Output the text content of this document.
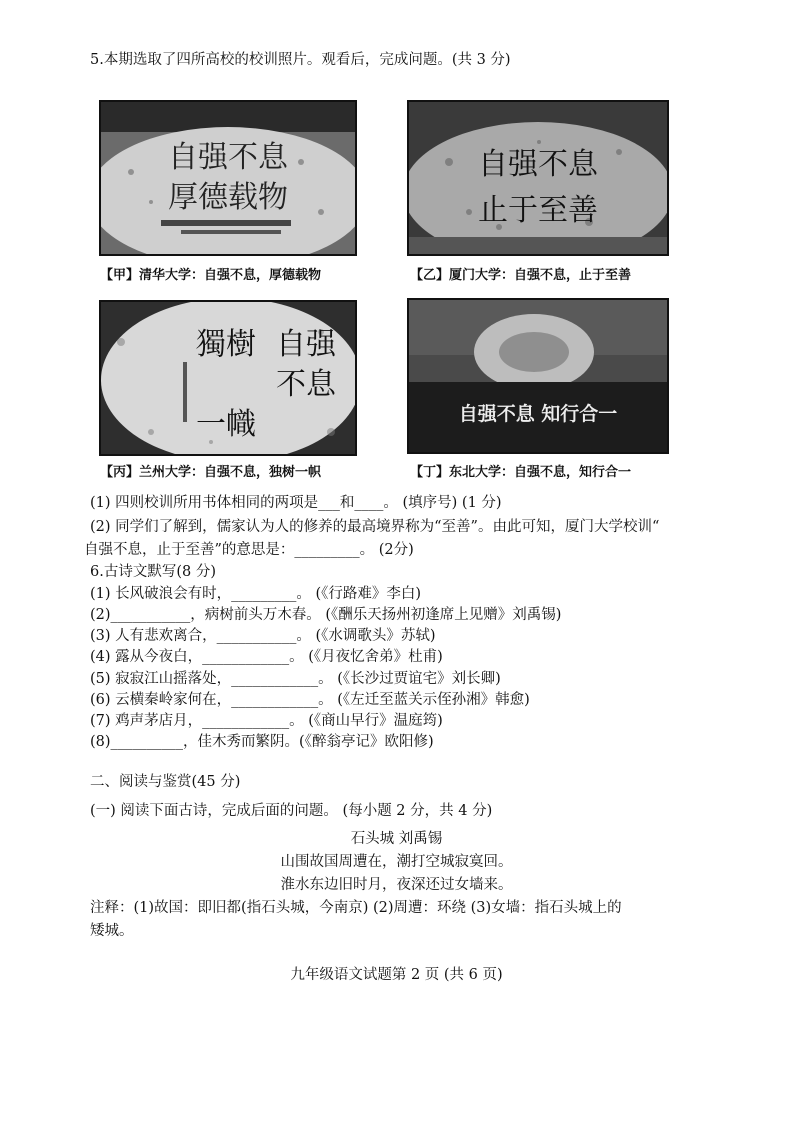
5.本期选取了四所高校的校训照片。观看后，完成问题。(共 3 分)
自强不息
厚德载物
【甲】清华大学：自强不息，厚德载物
自强不息
止于至善
【乙】厦门大学：自强不息，止于至善
自强
不息
獨樹
一幟
【丙】兰州大学：自强不息，独树一帜
自强不息 知行合一
【丁】东北大学：自强不息，知行合一
(1) 四则校训所用书体相同的两项是___和____。 (填序号) (1 分)
(2) 同学们了解到，儒家认为人的修养的最高境界称为“至善”。由此可知，厦门大学校训“
自强不息，止于至善”的意思是：_________。 (2分)
6.古诗文默写(8 分)
(1) 长风破浪会有时，_________。 (《行路难》李白)
(2)___________，病树前头万木春。 (《酬乐天扬州初逢席上见赠》刘禹锡)
(3) 人有悲欢离合，___________。 (《水调歌头》苏轼)
(4) 露从今夜白，____________。 (《月夜忆舍弟》杜甫)
(5) 寂寂江山摇落处，____________。 (《长沙过贾谊宅》刘长卿)
(6) 云横秦岭家何在，____________。 (《左迁至蓝关示侄孙湘》韩愈)
(7) 鸡声茅店月，____________。 (《商山早行》温庭筠)
(8)__________，佳木秀而繁阴。(《醉翁亭记》欧阳修)
二、阅读与鉴赏(45 分)
(一) 阅读下面古诗，完成后面的问题。 (每小题 2 分，共 4 分)
石头城 刘禹锡
山围故国周遭在，潮打空城寂寞回。
淮水东边旧时月，夜深还过女墙来。
注释：(1)故国：即旧都(指石头城，今南京) (2)周遭：环绕 (3)女墙：指石头城上的
矮城。
九年级语文试题第 2 页 (共 6 页)
